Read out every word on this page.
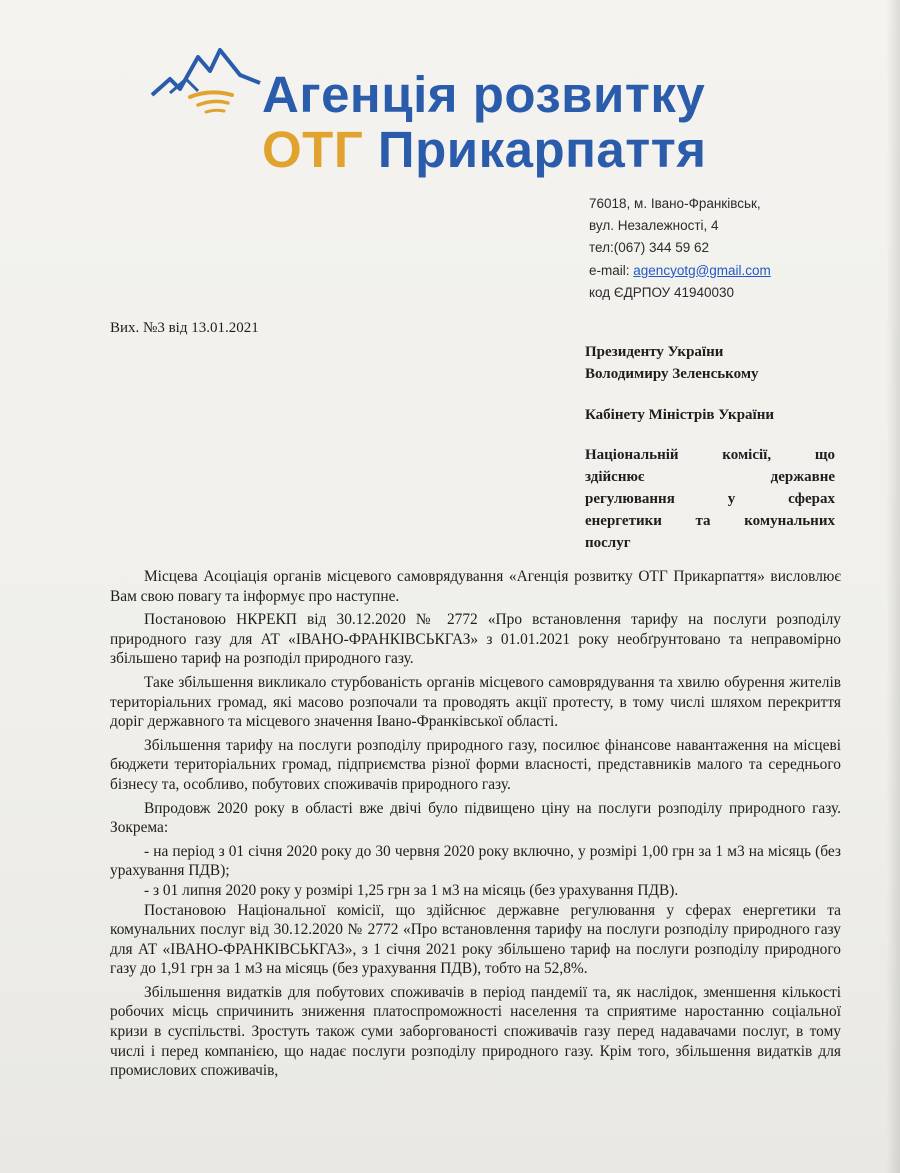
Агенція розвитку
ОТГ Прикарпаття
76018, м. Івано-Франківськ,
вул. Незалежності, 4
тел:(067) 344 59 62
e-mail: agencyotg@gmail.com
код ЄДРПОУ 41940030
Вих. №3 від 13.01.2021
Президенту України
Володимиру Зеленському
Кабінету Міністрів України
Національній	комісії,	що
здійснює	державне
регулювання	у	сферах
енергетики та комунальних
послуг

Місцева Асоціація органів місцевого самоврядування «Агенція розвитку ОТГ Прикарпаття» висловлює Вам свою повагу та інформує про наступне.

Постановою НКРЕКП від 30.12.2020 № 2772 «Про встановлення тарифу на послуги розподілу природного газу для АТ «ІВАНО-ФРАНКІВСЬКГАЗ» з 01.01.2021 року необґрунтовано та неправомірно збільшено тариф на розподіл природного газу.

Таке збільшення викликало стурбованість органів місцевого самоврядування та хвилю обурення жителів територіальних громад, які масово розпочали та проводять акції протесту, в тому числі шляхом перекриття доріг державного та місцевого значення Івано-Франківської області.

Збільшення тарифу на послуги розподілу природного газу, посилює фінансове навантаження на місцеві бюджети територіальних громад, підприємства різної форми власності, представників малого та середнього бізнесу та, особливо, побутових споживачів природного газу.

Впродовж 2020 року в області вже двічі було підвищено ціну на послуги розподілу природного газу. Зокрема:

- на період з 01 січня 2020 року до 30 червня 2020 року включно, у розмірі 1,00 грн за 1 м3 на місяць (без урахування ПДВ);

- з 01 липня 2020 року у розмірі 1,25 грн за 1 м3 на місяць (без урахування ПДВ).

Постановою Національної комісії, що здійснює державне регулювання у сферах енергетики та комунальних послуг від 30.12.2020 № 2772 «Про встановлення тарифу на послуги розподілу природного газу для АТ «ІВАНО-ФРАНКІВСЬКГАЗ», з 1 січня 2021 року збільшено тариф на послуги розподілу природного газу до 1,91 грн за 1 м3 на місяць (без урахування ПДВ), тобто на 52,8%.

Збільшення видатків для побутових споживачів в період пандемії та, як наслідок, зменшення кількості робочих місць спричинить зниження платоспроможності населення та сприятиме наростанню соціальної кризи в суспільстві. Зростуть також суми заборгованості споживачів газу перед надавачами послуг, в тому числі і перед компанією, що надає послуги розподілу природного газу. Крім того, збільшення видатків для промислових споживачів,
